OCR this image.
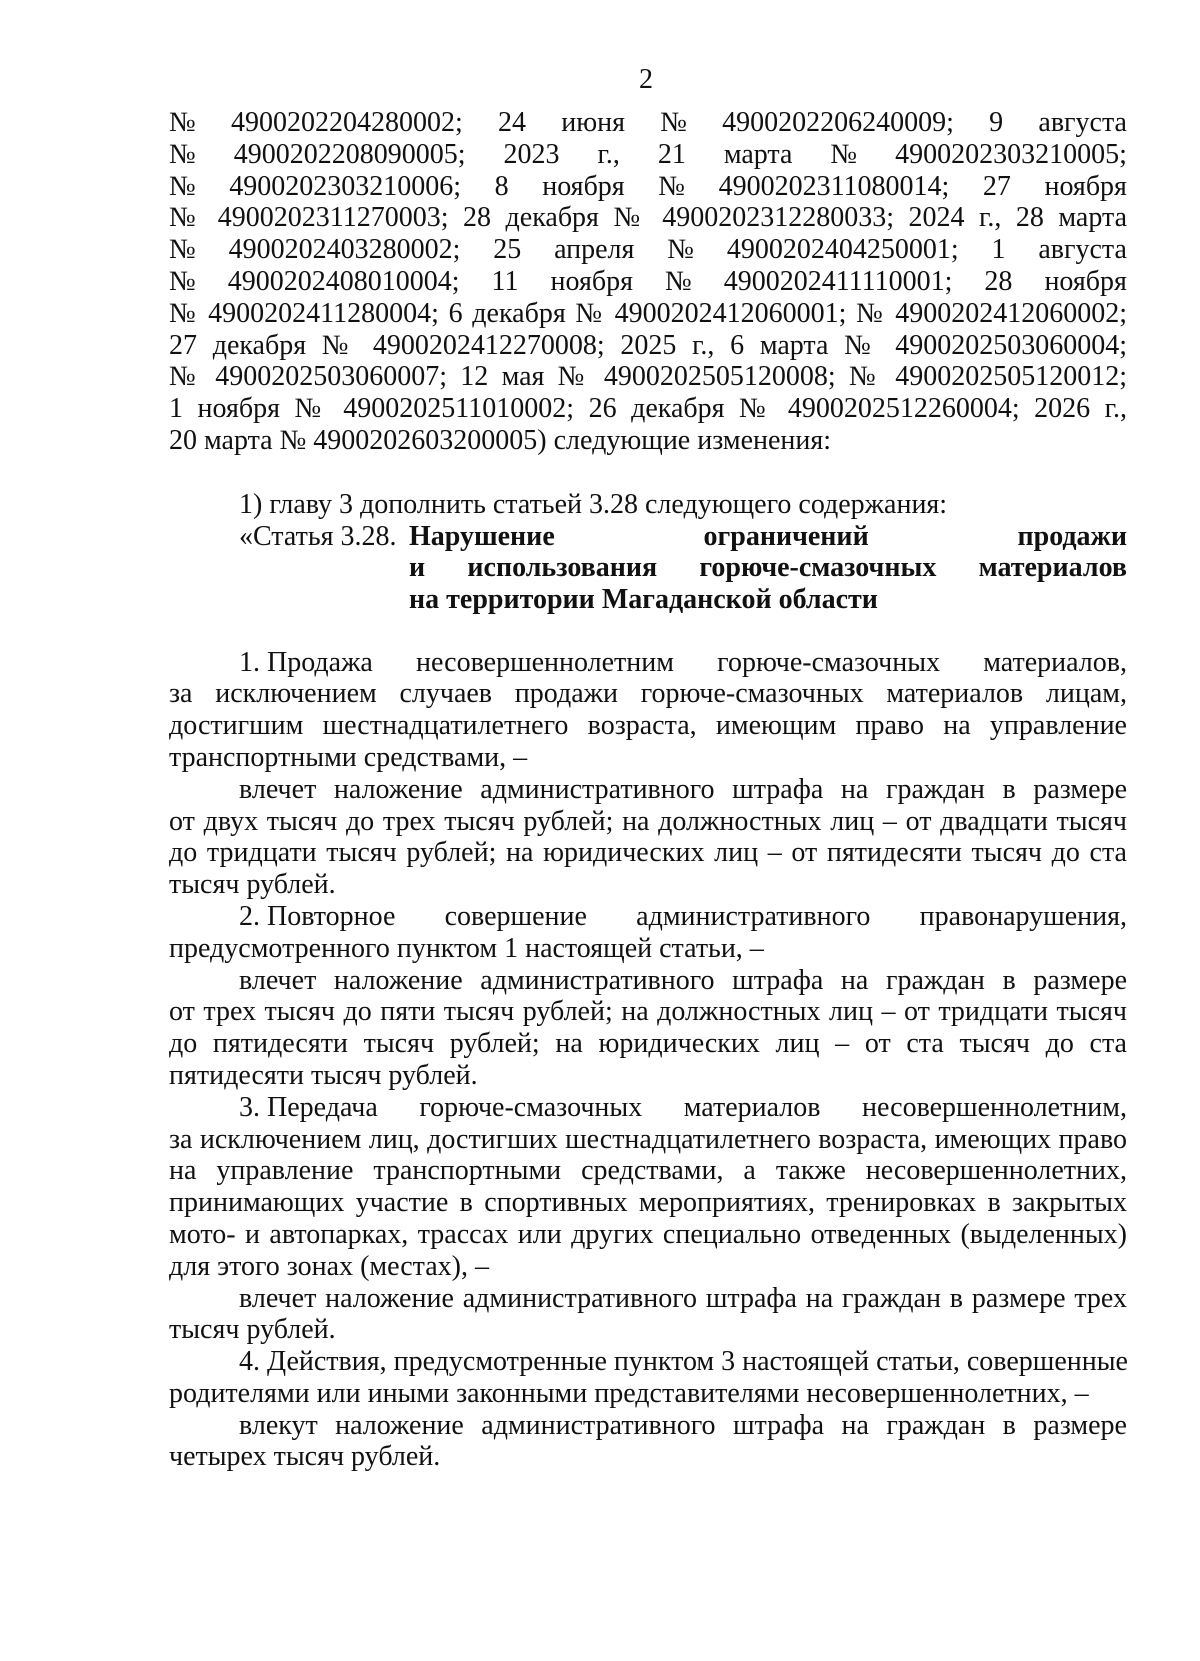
2
№ 4900202204280002; 24 июня № 4900202206240009; 9 августа
№ 4900202208090005; 2023 г., 21 марта № 4900202303210005;
№ 4900202303210006; 8 ноября № 4900202311080014; 27 ноября
№ 4900202311270003; 28 декабря № 4900202312280033; 2024 г., 28 марта
№ 4900202403280002; 25 апреля № 4900202404250001; 1 августа
№ 4900202408010004; 11 ноября № 4900202411110001; 28 ноября
№ 4900202411280004; 6 декабря № 4900202412060001; № 4900202412060002;
27 декабря № 4900202412270008; 2025 г., 6 марта № 4900202503060004;
№ 4900202503060007; 12 мая № 4900202505120008; № 4900202505120012;
1 ноября № 4900202511010002; 26 декабря № 4900202512260004; 2026 г.,
20 марта № 4900202603200005) следующие изменения:
1) главу 3 дополнить статьей 3.28 следующего содержания:
«Статья 3.28. Нарушение	ограничений	продажи
и использования горюче-смазочных материалов
на территории Магаданской области
1. Продажа несовершеннолетним горюче-смазочных материалов,
за исключением случаев продажи горюче-смазочных материалов лицам,
достигшим шестнадцатилетнего возраста, имеющим право на управление
транспортными средствами, –
влечет наложение административного штрафа на граждан в размере
от двух тысяч до трех тысяч рублей; на должностных лиц – от двадцати тысяч
до тридцати тысяч рублей; на юридических лиц – от пятидесяти тысяч до ста
тысяч рублей.
2. Повторное совершение административного правонарушения,
предусмотренного пунктом 1 настоящей статьи, –
влечет наложение административного штрафа на граждан в размере
от трех тысяч до пяти тысяч рублей; на должностных лиц – от тридцати тысяч
до пятидесяти тысяч рублей; на юридических лиц – от ста тысяч до ста
пятидесяти тысяч рублей.
3. Передача горюче-смазочных материалов несовершеннолетним,
за исключением лиц, достигших шестнадцатилетнего возраста, имеющих право
на управление транспортными средствами, а также несовершеннолетних,
принимающих участие в спортивных мероприятиях, тренировках в закрытых
мото- и автопарках, трассах или других специально отведенных (выделенных)
для этого зонах (местах), –
влечет наложение административного штрафа на граждан в размере трех
тысяч рублей.
4. Действия, предусмотренные пунктом 3 настоящей статьи, совершенные
родителями или иными законными представителями несовершеннолетних, –
влекут наложение административного штрафа на граждан в размере
четырех тысяч рублей.
